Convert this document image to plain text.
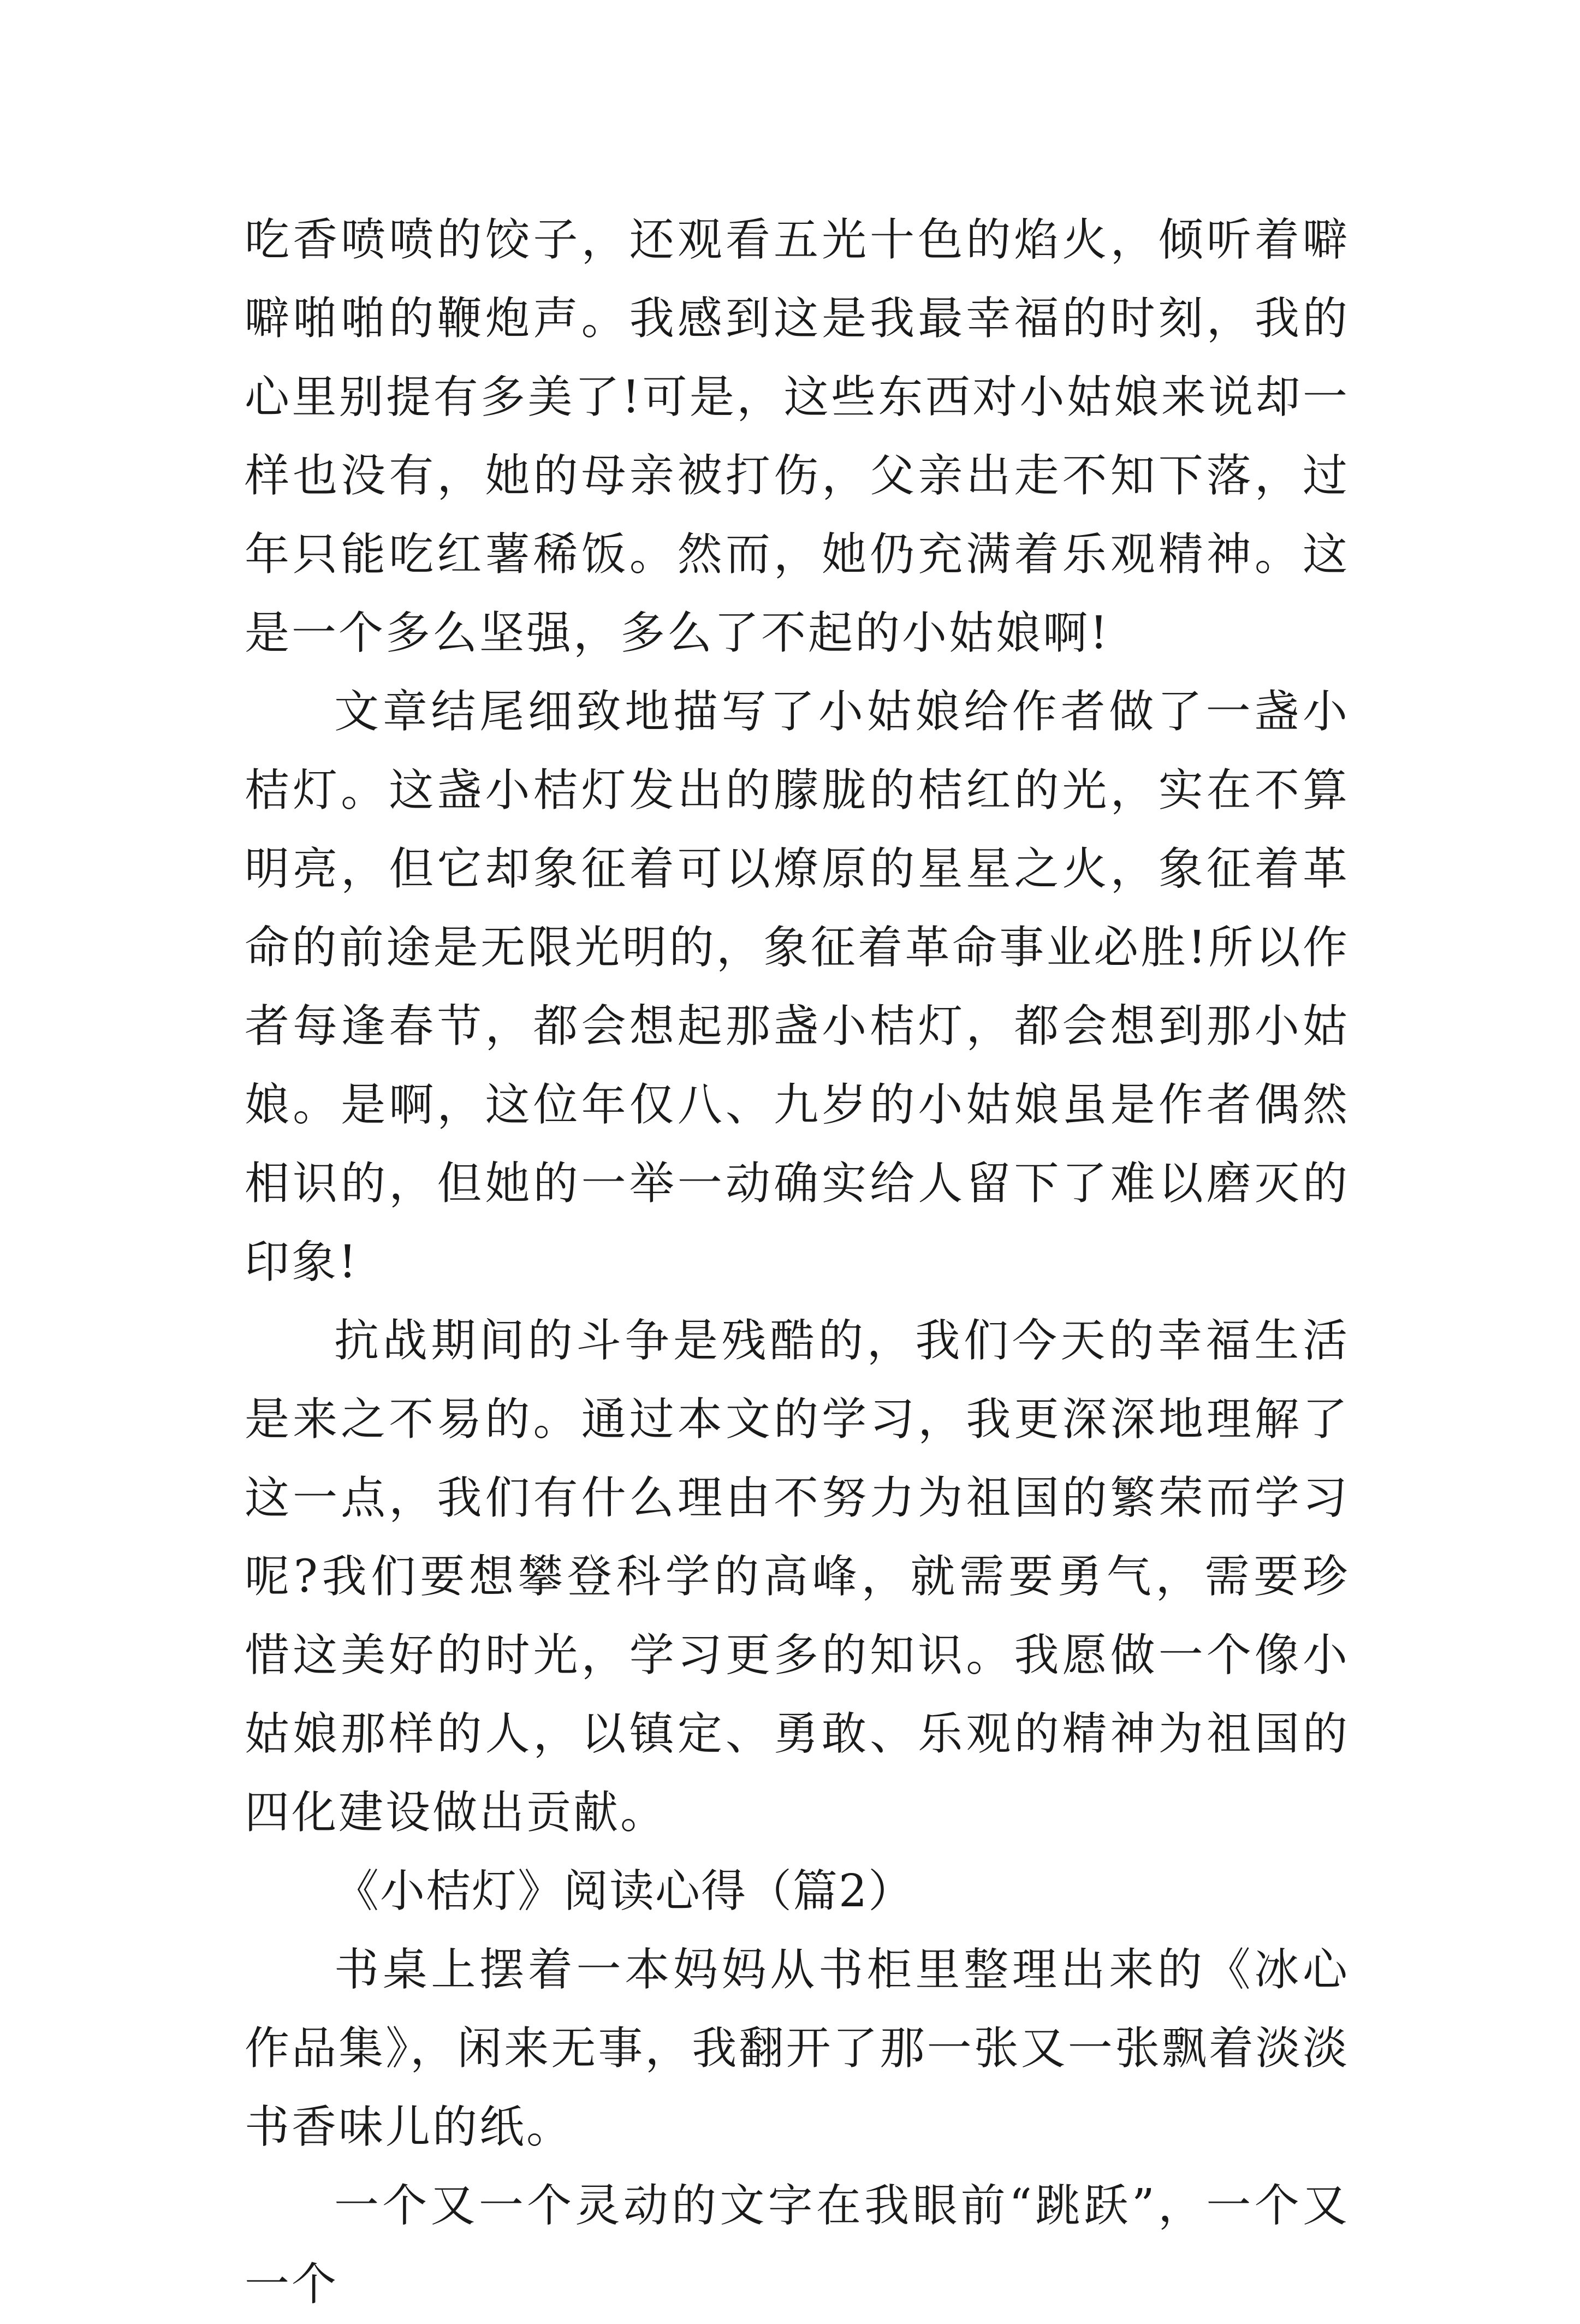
吃香喷喷的饺子，还观看五光十色的焰火，倾听着噼噼啪啪的鞭炮声。我感到这是我最幸福的时刻，我的心里别提有多美了!可是，这些东西对小姑娘来说却一样也没有，她的母亲被打伤，父亲出走不知下落，过年只能吃红薯稀饭。然而，她仍充满着乐观精神。这是一个多么坚强，多么了不起的小姑娘啊!

文章结尾细致地描写了小姑娘给作者做了一盏小桔灯。这盏小桔灯发出的朦胧的桔红的光，实在不算明亮，但它却象征着可以燎原的星星之火，象征着革命的前途是无限光明的，象征着革命事业必胜!所以作者每逢春节，都会想起那盏小桔灯，都会想到那小姑娘。是啊，这位年仅八、九岁的小姑娘虽是作者偶然相识的，但她的一举一动确实给人留下了难以磨灭的印象!

抗战期间的斗争是残酷的，我们今天的幸福生活是来之不易的。通过本文的学习，我更深深地理解了这一点，我们有什么理由不努力为祖国的繁荣而学习呢?我们要想攀登科学的高峰，就需要勇气，需要珍惜这美好的时光，学习更多的知识。我愿做一个像小姑娘那样的人，以镇定、勇敢、乐观的精神为祖国的四化建设做出贡献。

《小桔灯》阅读心得（篇2）

书桌上摆着一本妈妈从书柜里整理出来的《冰心作品集》，闲来无事，我翻开了那一张又一张飘着淡淡书香味儿的纸。

一个又一个灵动的文字在我眼前“跳跃”，一个又一个
